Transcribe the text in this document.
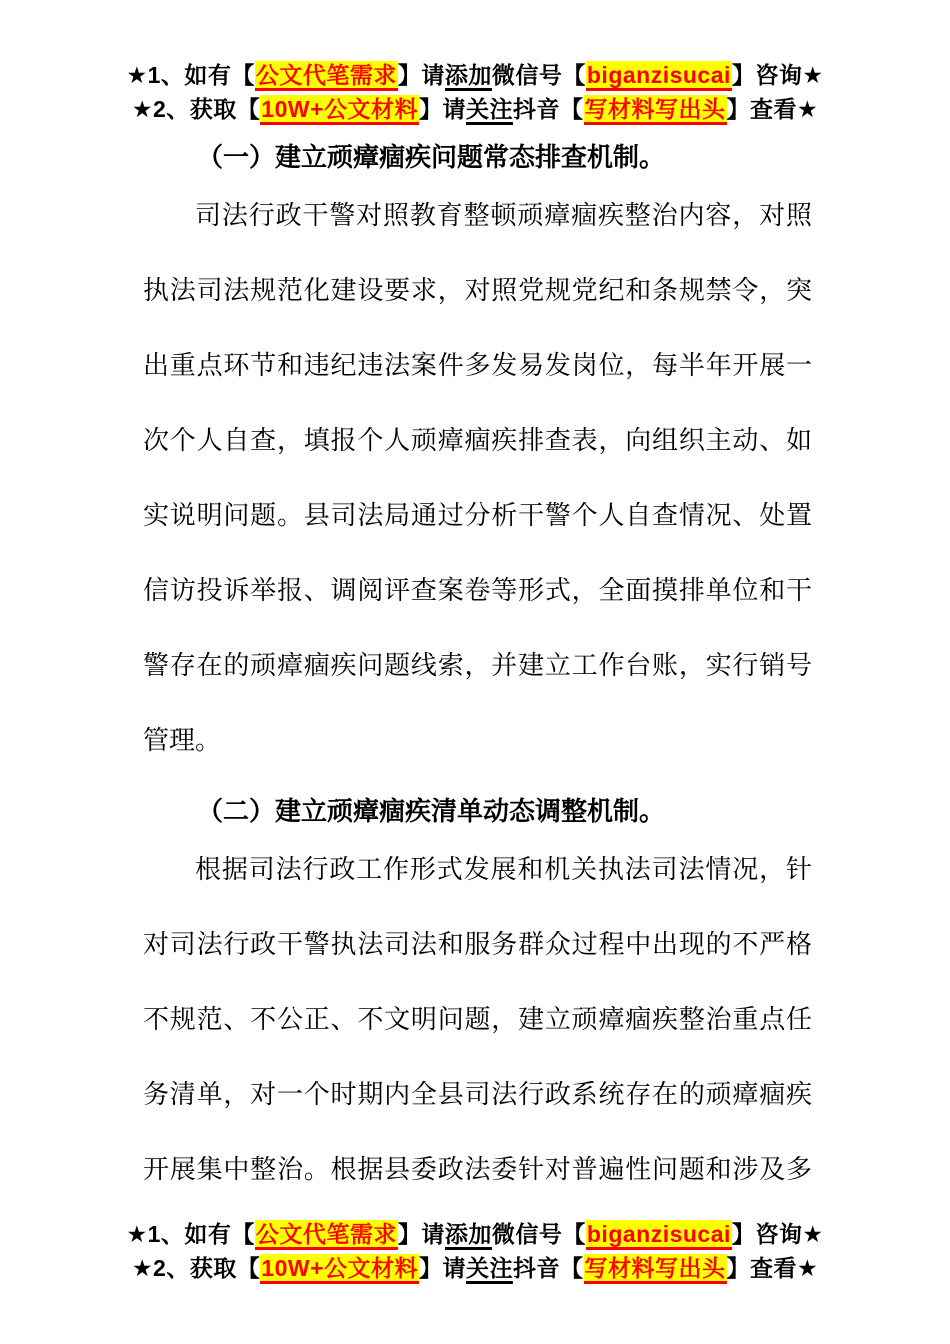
★1、如有【公文代笔需求】请添加微信号【biganzisucai】咨询★
★2、获取【10W+公文材料】请关注抖音【写材料写出头】查看★
（一）建立顽瘴痼疾问题常态排查机制。
司法行政干警对照教育整顿顽瘴痼疾整治内容，对照
执法司法规范化建设要求，对照党规党纪和条规禁令，突
出重点环节和违纪违法案件多发易发岗位，每半年开展一
次个人自查，填报个人顽瘴痼疾排查表，向组织主动、如
实说明问题。县司法局通过分析干警个人自查情况、处置
信访投诉举报、调阅评查案卷等形式，全面摸排单位和干
警存在的顽瘴痼疾问题线索，并建立工作台账，实行销号
管理。
（二）建立顽瘴痼疾清单动态调整机制。
根据司法行政工作形式发展和机关执法司法情况，针
对司法行政干警执法司法和服务群众过程中出现的不严格
不规范、不公正、不文明问题，建立顽瘴痼疾整治重点任
务清单，对一个时期内全县司法行政系统存在的顽瘴痼疾
开展集中整治。根据县委政法委针对普遍性问题和涉及多
★1、如有【公文代笔需求】请添加微信号【biganzisucai】咨询★
★2、获取【10W+公文材料】请关注抖音【写材料写出头】查看★
